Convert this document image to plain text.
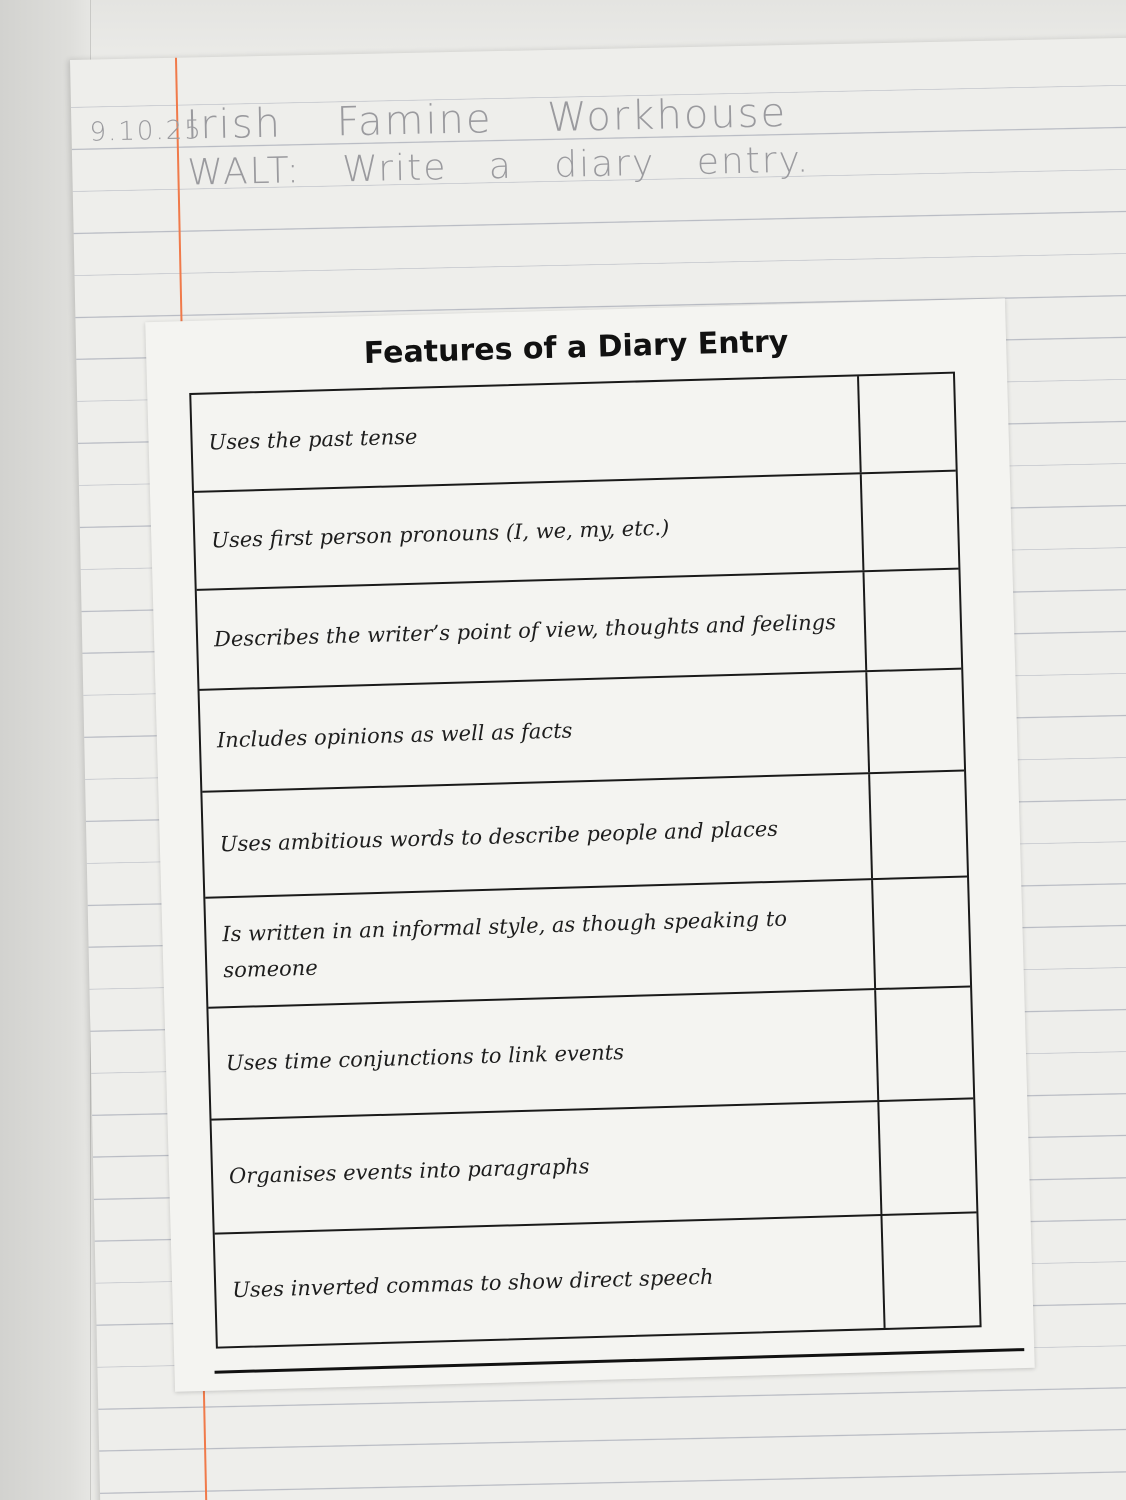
9.10.25
Irish Famine Workhouse
WALT: Write a diary entry.
Features of a Diary Entry
Uses the past tense
Uses first person pronouns (I, we, my, etc.)
Describes the writer’s point of view, thoughts and feelings
Includes opinions as well as facts
Uses ambitious words to describe people and places
Is written in an informal style, as though speaking to someone
Uses time conjunctions to link events
Organises events into paragraphs
Uses inverted commas to show direct speech
